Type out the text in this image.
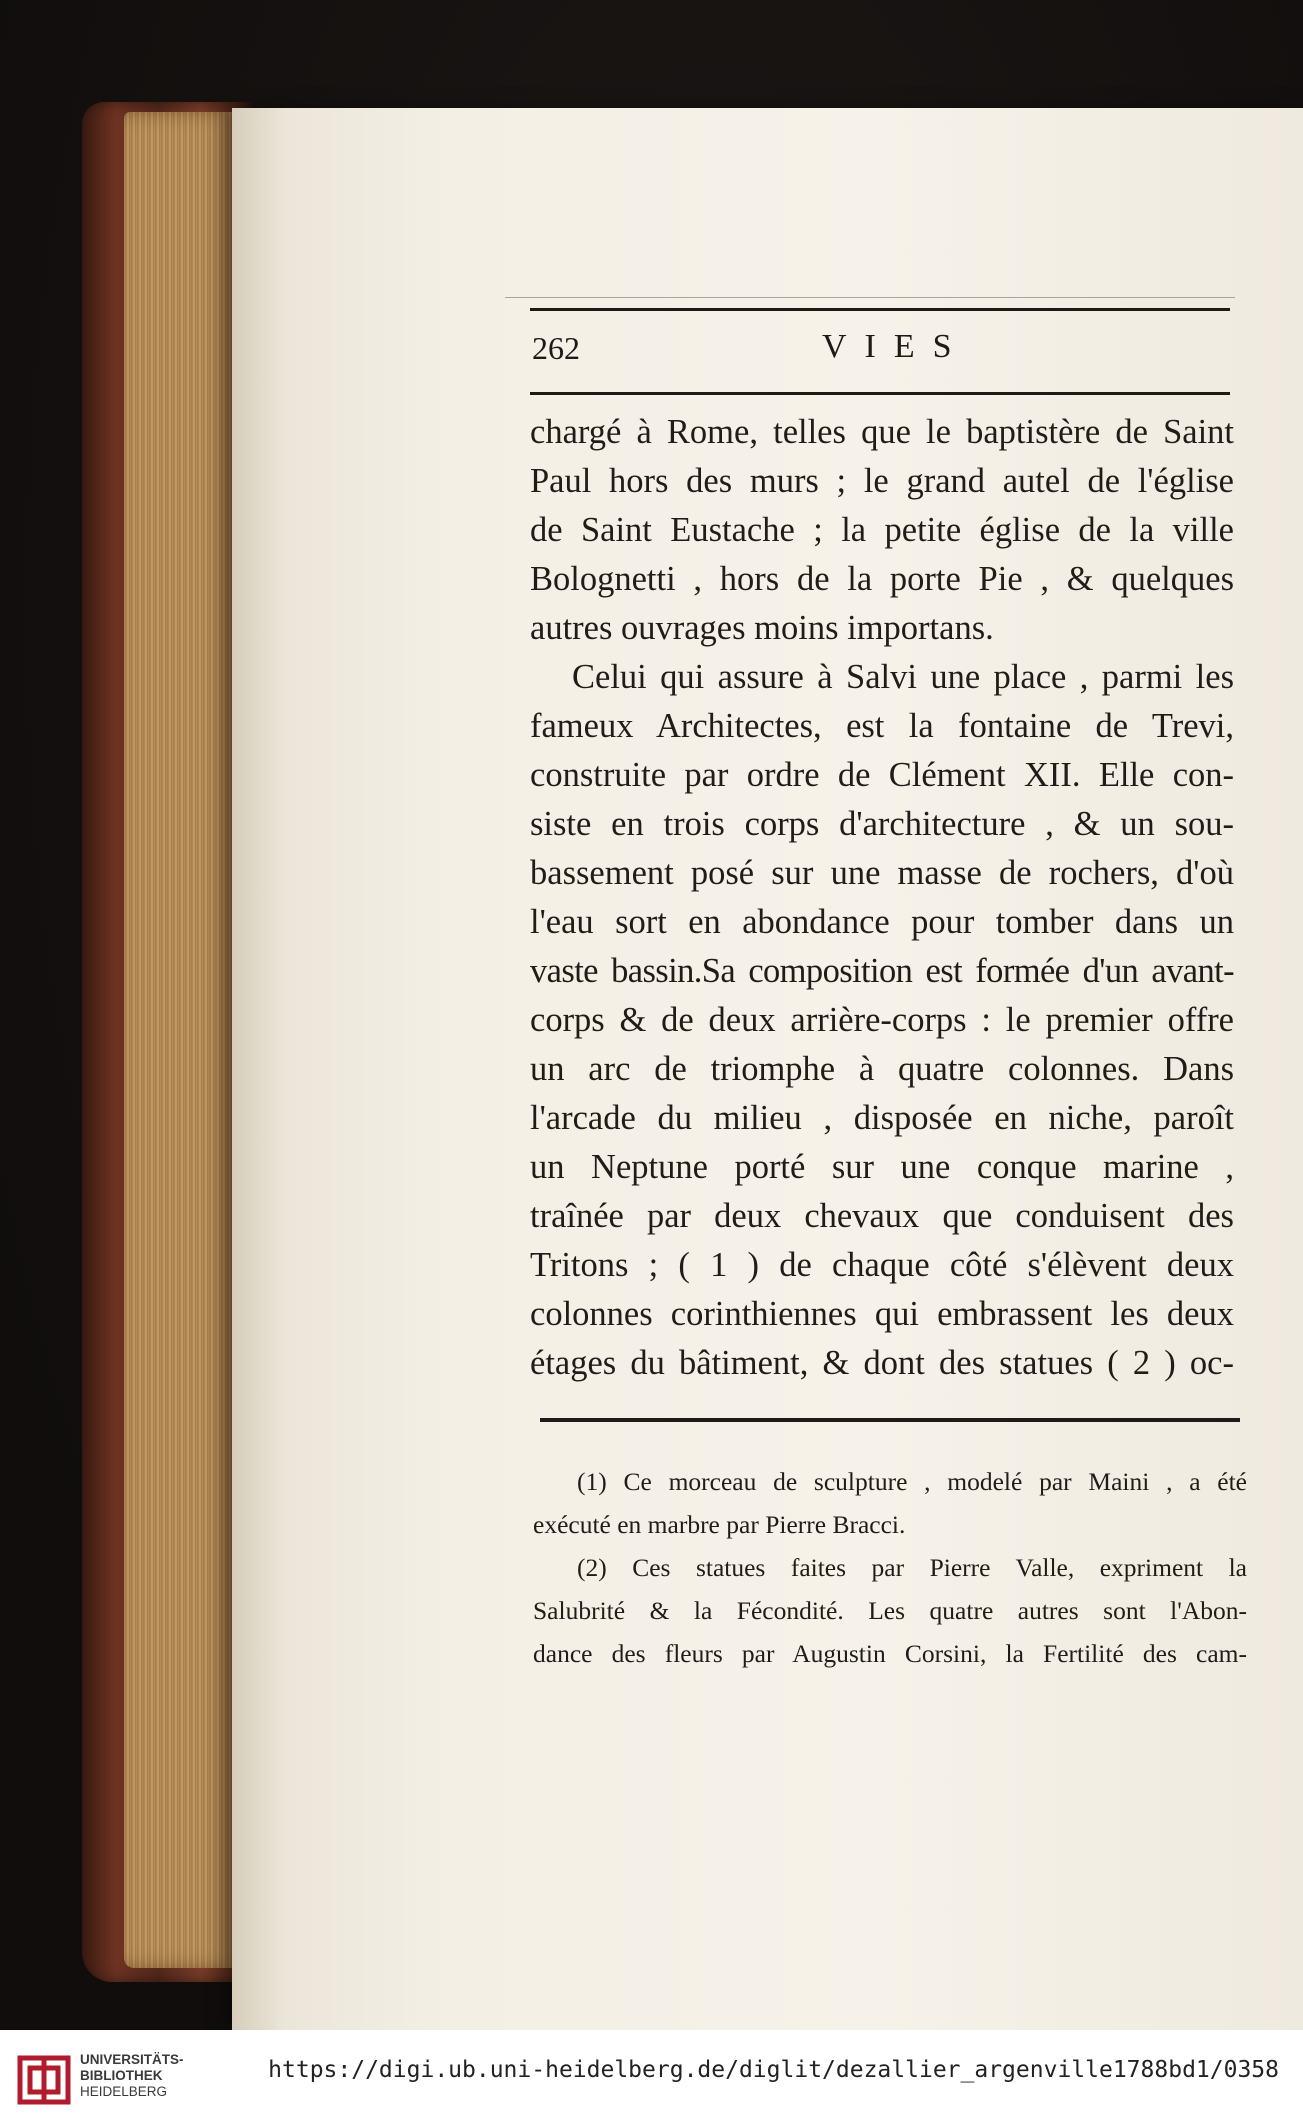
262	VIES
chargé à Rome, telles que le baptistère de Saint
Paul hors des murs ; le grand autel de l'église
de Saint Eustache ; la petite église de la ville
Bolognetti , hors de la porte Pie , & quelques
autres ouvrages moins importans.
Celui qui assure à Salvi une place , parmi les
fameux Architectes, est la fontaine de Trevi,
construite par ordre de Clément XII. Elle con-
siste en trois corps d'architecture , & un sou-
bassement posé sur une masse de rochers, d'où
l'eau sort en abondance pour tomber dans un
vaste bassin.Sa composition est formée d'un avant-
corps & de deux arrière-corps : le premier offre
un arc de triomphe à quatre colonnes. Dans
l'arcade du milieu , disposée en niche, paroît
un Neptune porté sur une conque marine ,
traînée par deux chevaux que conduisent des
Tritons ; ( 1 ) de chaque côté s'élèvent deux
colonnes corinthiennes qui embrassent les deux
étages du bâtiment, & dont des statues ( 2 ) oc-
(1) Ce morceau de sculpture , modelé par Maini , a été
exécuté en marbre par Pierre Bracci.
(2) Ces statues faites par Pierre Valle, expriment la
Salubrité & la Fécondité. Les quatre autres sont l'Abon-
dance des fleurs par Augustin Corsini, la Fertilité des cam-
UNIVERSITÄTS-
BIBLIOTHEK
HEIDELBERG
https://digi.ub.uni-heidelberg.de/diglit/dezallier_argenville1788bd1/0358
